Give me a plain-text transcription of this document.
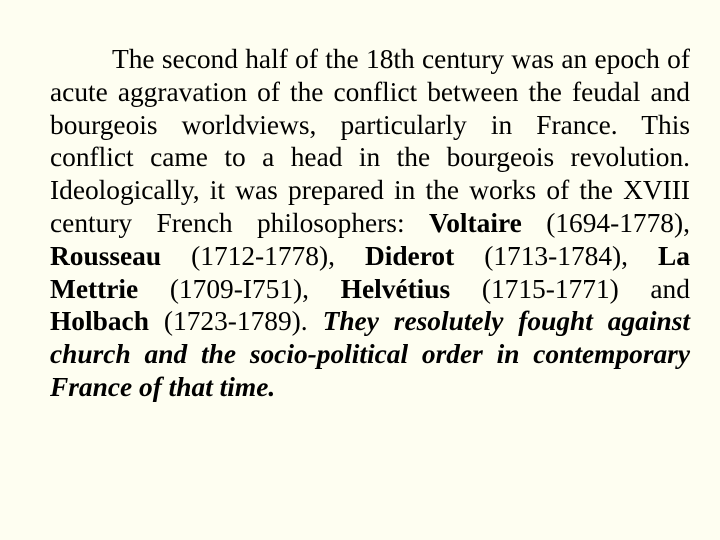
The second half of the 18th century was an epoch of acute aggravation of the conflict between the feudal and bourgeois worldviews, particularly in France. This conflict came to a head in the bourgeois revolution. Ideologically, it was prepared in the works of the XVIII century French philosophers: Voltaire (1694-1778), Rousseau (1712-1778), Diderot (1713-1784), La Mettrie (1709-I751), Helvétius (1715-1771) and Holbach (1723-1789). They resolutely fought against church and the socio-political order in contemporary France of that time.
